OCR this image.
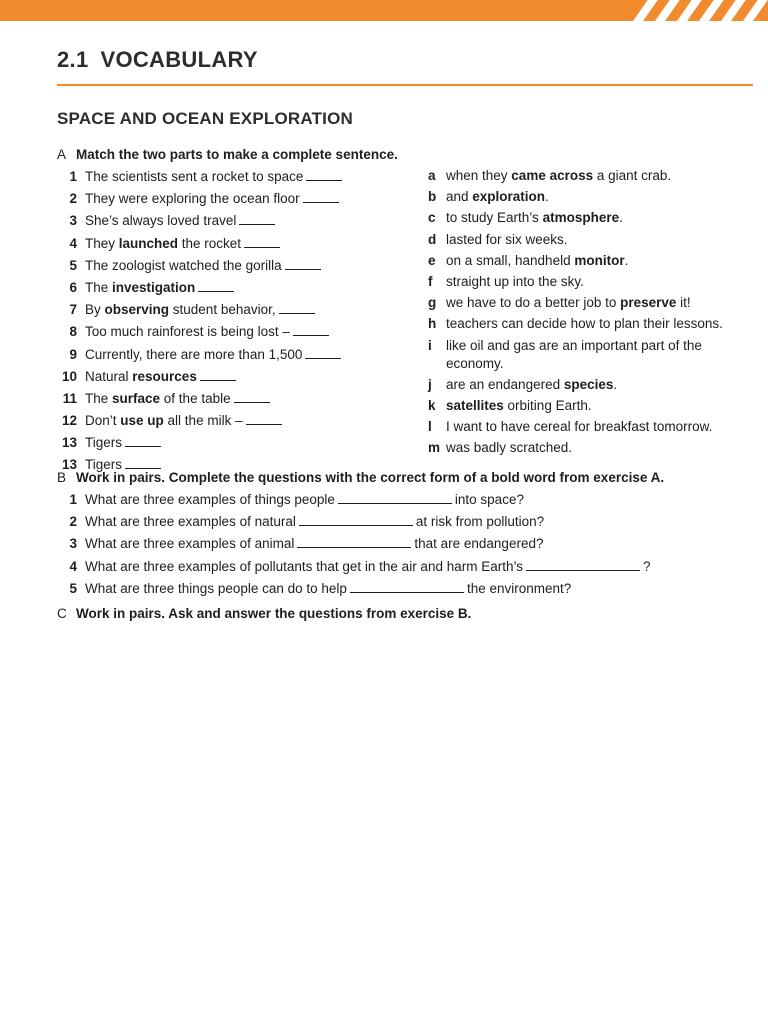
2.1 VOCABULARY
SPACE AND OCEAN EXPLORATION
A Match the two parts to make a complete sentence.
1 The scientists sent a rocket to space
2 They were exploring the ocean floor
3 She’s always loved travel
4 They launched the rocket
5 The zoologist watched the gorilla
6 The investigation
7 By observing student behavior,
8 Too much rainforest is being lost –
9 Currently, there are more than 1,500
10 Natural resources
11 The surface of the table
12 Don’t use up all the milk –
13 Tigers
13 Tigers
a when they came across a giant crab.
b and exploration.
c to study Earth’s atmosphere.
d lasted for six weeks.
e on a small, handheld monitor.
f straight up into the sky.
g we have to do a better job to preserve it!
h teachers can decide how to plan their lessons.
i like oil and gas are an important part of the economy.
j are an endangered species.
k satellites orbiting Earth.
l I want to have cereal for breakfast tomorrow.
m was badly scratched.
B Work in pairs. Complete the questions with the correct form of a bold word from exercise A.
1 What are three examples of things people	into space?
2 What are three examples of natural	at risk from pollution?
3 What are three examples of animal	that are endangered?
4 What are three examples of pollutants that get in the air and harm Earth’s	?
5 What are three things people can do to help	the environment?
C Work in pairs. Ask and answer the questions from exercise B.
